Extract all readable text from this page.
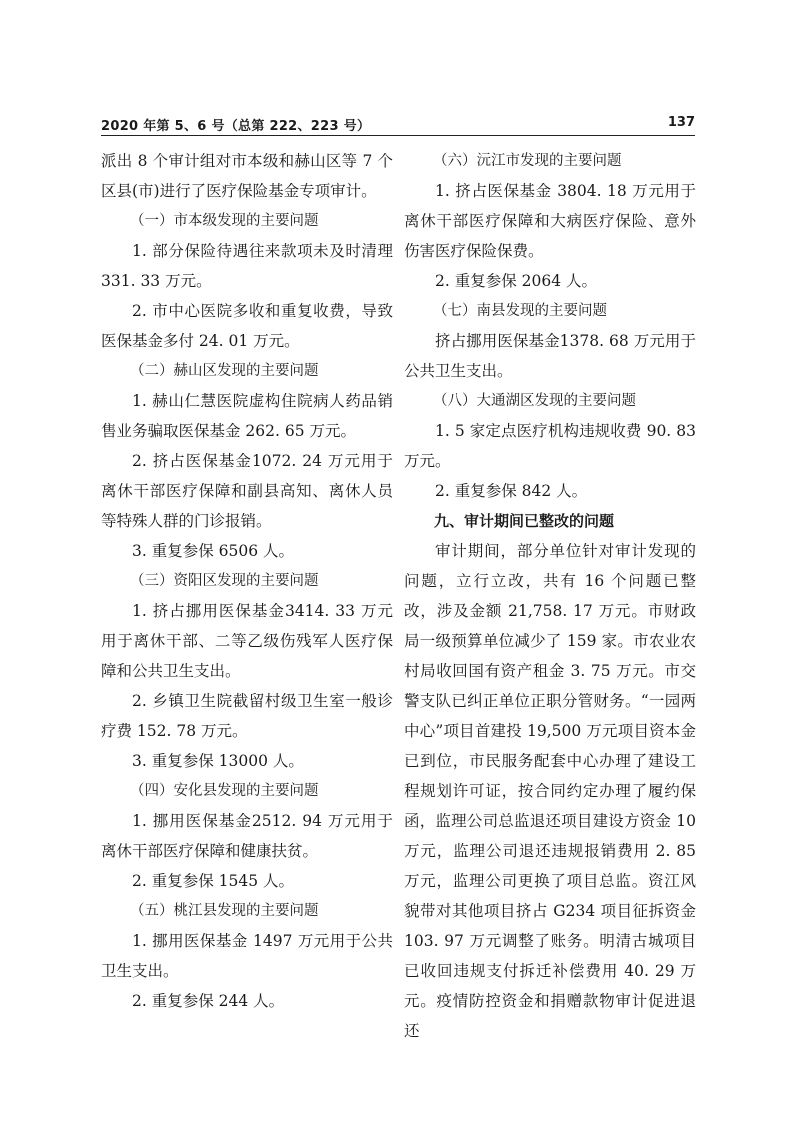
2020 年第 5、6 号（总第 222、223 号）	137

派出 8 个审计组对市本级和赫山区等 7 个区县(市)进行了医疗保险基金专项审计。

（一）市本级发现的主要问题

1. 部分保险待遇往来款项未及时清理 331. 33 万元。

2. 市中心医院多收和重复收费，导致医保基金多付 24. 01 万元。

（二）赫山区发现的主要问题

1. 赫山仁慧医院虚构住院病人药品销售业务骗取医保基金 262. 65 万元。

2. 挤占医保基金1072. 24 万元用于离休干部医疗保障和副县高知、离休人员等特殊人群的门诊报销。

3. 重复参保 6506 人。

（三）资阳区发现的主要问题

1. 挤占挪用医保基金3414. 33 万元用于离休干部、二等乙级伤残军人医疗保障和公共卫生支出。

2. 乡镇卫生院截留村级卫生室一般诊疗费 152. 78 万元。

3. 重复参保 13000 人。

（四）安化县发现的主要问题

1. 挪用医保基金2512. 94 万元用于离休干部医疗保障和健康扶贫。

2. 重复参保 1545 人。

（五）桃江县发现的主要问题

1. 挪用医保基金 1497 万元用于公共卫生支出。

2. 重复参保 244 人。

（六）沅江市发现的主要问题

1. 挤占医保基金 3804. 18 万元用于离休干部医疗保障和大病医疗保险、意外伤害医疗保险保费。

2. 重复参保 2064 人。

（七）南县发现的主要问题

挤占挪用医保基金1378. 68 万元用于公共卫生支出。

（八）大通湖区发现的主要问题

1. 5 家定点医疗机构违规收费 90. 83 万元。

2. 重复参保 842 人。

九、审计期间已整改的问题

审计期间，部分单位针对审计发现的问题，立行立改，共有 16 个问题已整改，涉及金额 21,758. 17 万元。市财政局一级预算单位减少了 159 家。市农业农村局收回国有资产租金 3. 75 万元。市交警支队已纠正单位正职分管财务。“一园两中心”项目首建投 19,500 万元项目资本金已到位，市民服务配套中心办理了建设工程规划许可证，按合同约定办理了履约保函，监理公司总监退还项目建设方资金 10 万元，监理公司退还违规报销费用 2. 85 万元，监理公司更换了项目总监。资江风貌带对其他项目挤占 G234 项目征拆资金 103. 97 万元调整了账务。明清古城项目已收回违规支付拆迁补偿费用 40. 29 万元。疫情防控资金和捐赠款物审计促进退还
